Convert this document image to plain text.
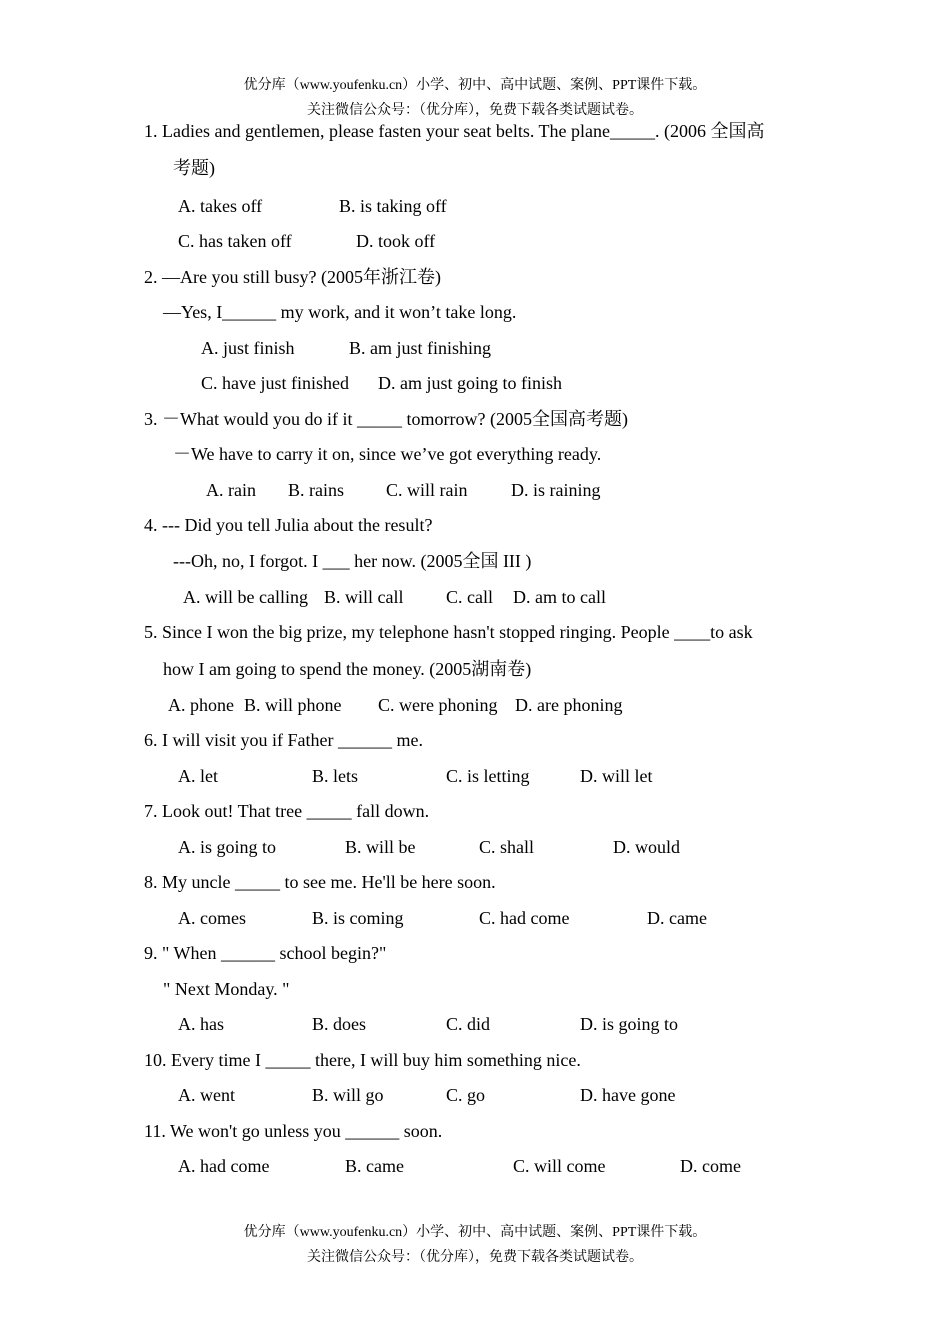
优分库（www.youfenku.cn）小学、初中、高中试题、案例、PPT课件下载。
关注微信公众号：（优分库），免费下载各类试题试卷。
1. Ladies and gentlemen, please fasten your seat belts. The plane_____. (2006 全国高
考题)
A. takes off	B. is taking off
C. has taken off	D. took off
2. —Are you still busy? (2005年浙江卷)
—Yes, I______ my work, and it won’t take long.
A. just finish	B. am just finishing
C. have just finished D. am just going to finish
3. －What would you do if it _____ tomorrow? (2005全国高考题)
－We have to carry it on, since we’ve got everything ready.
A. rain B. rains C. will rain D. is raining
4. --- Did you tell Julia about the result?
---Oh, no, I forgot. I ___ her now. (2005全国 III )
A. will be calling B. will call C. call D. am to call
5. Since I won the big prize, my telephone hasn't stopped ringing. People ____to ask
how I am going to spend the money. (2005湖南卷)
A. phone B. will phone C. were phoning D. are phoning
6. I will visit you if Father ______ me.
A. let	B. lets	C. is letting	D. will let
7. Look out! That tree _____ fall down.
A. is going to	B. will be	C. shall	D. would
8. My uncle _____ to see me. He'll be here soon.
A. comes	B. is coming	C. had come	D. came
9. " When ______ school begin?"
" Next Monday. "
A. has	B. does	C. did	D. is going to
10. Every time I _____ there, I will buy him something nice.
A. went	B. will go	C. go	D. have gone
11. We won't go unless you ______ soon.
A. had come	B. came	C. will come	D. come
优分库（www.youfenku.cn）小学、初中、高中试题、案例、PPT课件下载。
关注微信公众号：（优分库），免费下载各类试题试卷。
